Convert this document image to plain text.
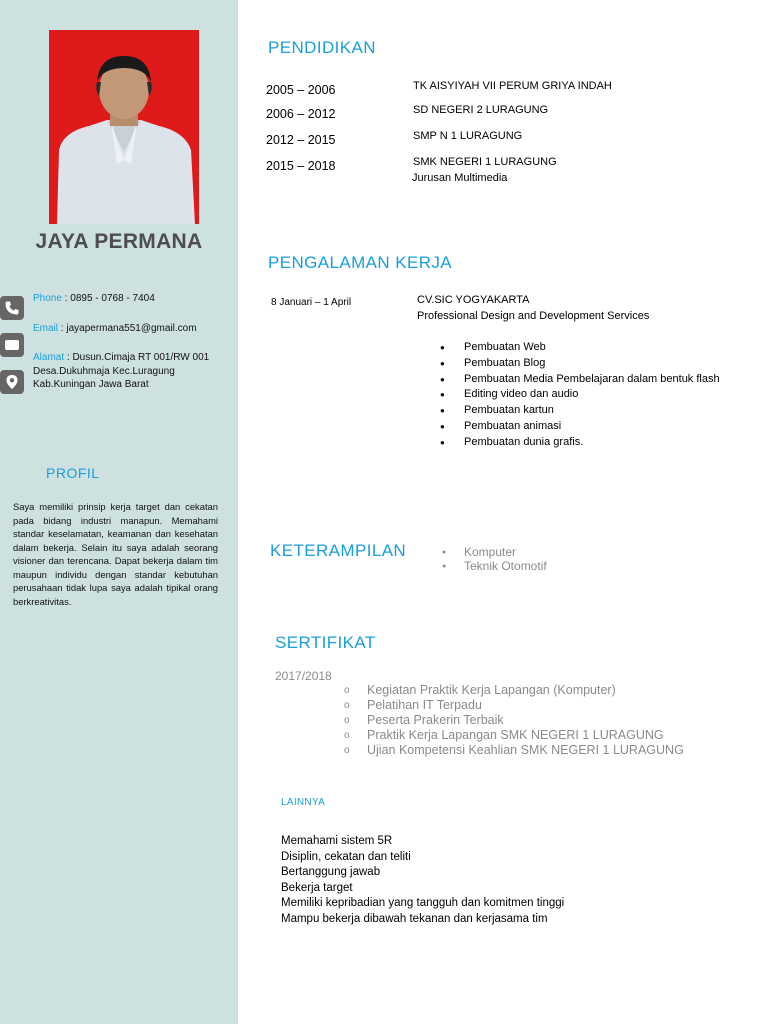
JAYA PERMANA
Phone : 0895 - 0768 - 7404
Email : jayapermana551@gmail.com
Alamat : Dusun.Cimaja RT 001/RW 001
Desa.Dukuhmaja Kec.Luragung
Kab.Kuningan Jawa Barat
PROFIL
Saya memiliki prinsip kerja target dan cekatan pada bidang industri manapun. Memahami standar keselamatan, keamanan dan kesehatan dalam bekerja. Selain itu saya adalah seorang visioner dan terencana. Dapat bekerja dalam tim maupun individu dengan standar kebutuhan perusahaan tidak lupa saya adalah tipikal orang berkreativitas.
PENDIDIKAN
2005 – 2006	TK AISYIYAH VII PERUM GRIYA INDAH
2006 – 2012	SD NEGERI 2 LURAGUNG
2012 – 2015	SMP N 1 LURAGUNG
2015 – 2018	SMK NEGERI 1 LURAGUNG
Jurusan Multimedia
PENGALAMAN KERJA
8 Januari – 1 April	CV.SIC YOGYAKARTA
Professional Design and Development Services
● Pembuatan Web
● Pembuatan Blog
● Pembuatan Media Pembelajaran dalam bentuk flash
● Editing video dan audio
● Pembuatan kartun
● Pembuatan animasi
● Pembuatan dunia grafis.
KETERAMPILAN
●	Komputer
● Teknik Otomotif
SERTIFIKAT
2017/2018
o Kegiatan Praktik Kerja Lapangan (Komputer)
o Pelatihan IT Terpadu
o Peserta Prakerin Terbaik
o Praktik Kerja Lapangan SMK NEGERI 1 LURAGUNG
o Ujian Kompetensi Keahlian SMK NEGERI 1 LURAGUNG
LAINNYA
Memahami sistem 5R
Disiplin, cekatan dan teliti
Bertanggung jawab
Bekerja target
Memiliki kepribadian yang tangguh dan komitmen tinggi
Mampu bekerja dibawah tekanan dan kerjasama tim
